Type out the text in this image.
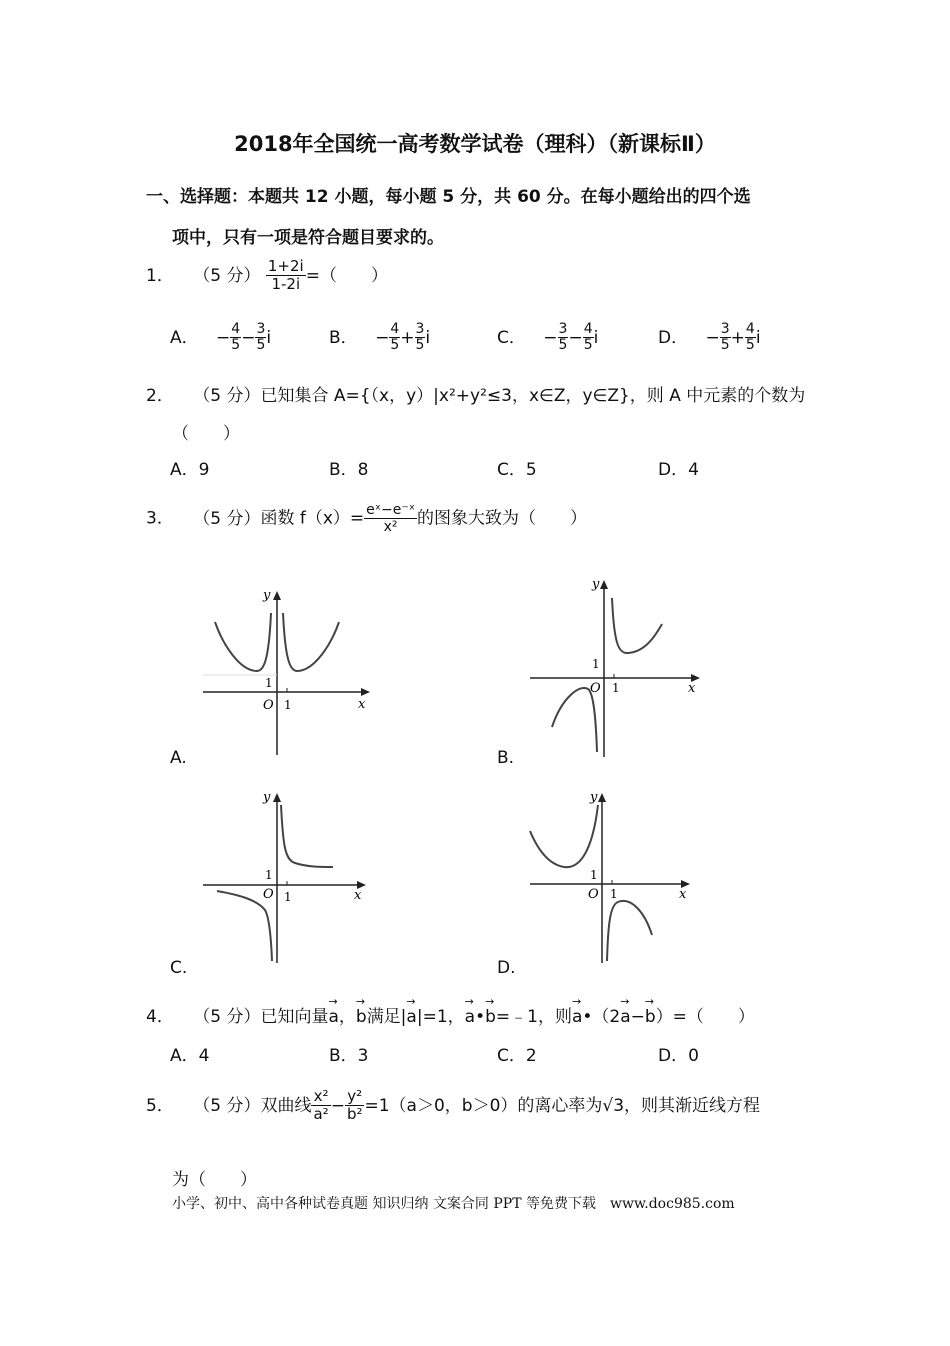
2018年全国统一高考数学试卷（理科）（新课标Ⅱ）
一、选择题：本题共 12 小题，每小题 5 分，共 60 分。在每小题给出的四个选
项中，只有一项是符合题目要求的。
1． （5 分） $\frac{1+2i}{1-2i}$ =（　　）
A． − $\frac{4}{5} - \frac{3}{5}$ i	B． − $\frac{4}{5} + \frac{3}{5}$ i	C． − $\frac{3}{5} - \frac{4}{5}$ i	D． − $\frac{3}{5} + \frac{4}{5}$ i
2． （5 分）已知集合 A={（x，y）|x²+y²≤3，x∈Z，y∈Z}，则 A 中元素的个数为
（　　）
A．9	B．8	C．5	D．4
3． （5 分）函数 $f(x)= \frac{\text{eˣ−e⁻ˣ}}{\text{x²}}$ 的图象大致为（　　）
y
x
O 1
1
A.
y
x
O 1
1
B.
y
x
O 1
1
C.
y
x
O 1
1
D.
4． （5 分）已知向量→ a，→ b满足|→ a|=1，→ a•→ b=﹣1，则→ a•（2→ a−→ b）=（　　）
A．4	B．3	C．2	D．0
5． （5 分）双曲线 $\frac{\text{x²}}{\text{a²}} - \frac{\text{y²}}{\text{b²}} =1(a>0$，b＞0）的离心率为√3，则其渐近线方程
为（　　）
小学、初中、高中各种试卷真题 知识归纳 文案合同 PPT 等免费下载　www.doc985.com
